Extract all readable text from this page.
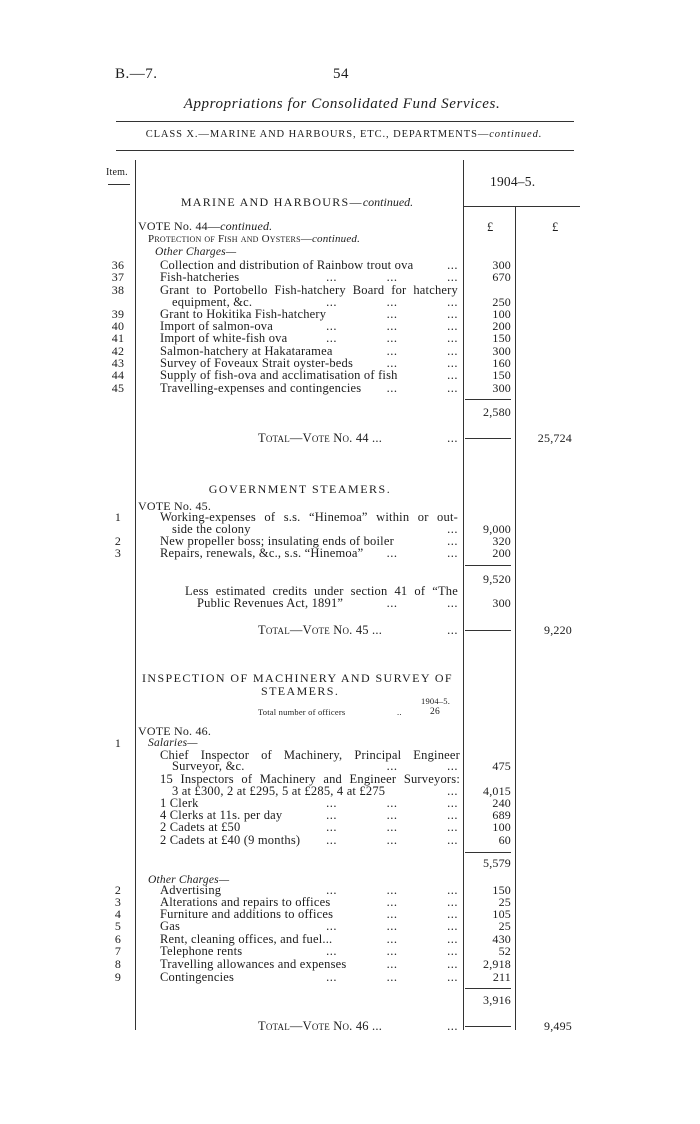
B.—7.	54
Appropriations for Consolidated Fund Services.
CLASS X.—MARINE AND HARBOURS, ETC., DEPARTMENTS—continued.
Item.
1904–5.
£	£
MARINE AND HARBOURS—continued.
VOTE No. 44—continued.
Protection of Fish and Oysters—continued.
Other Charges—
36	Collection and distribution of Rainbow trout ova	...	300
37	Fish-hatcheries	... ... ...	670
38	Grant to Portobello Fish-hatchery Board for hatchery
equipment, &c.	... ... ...	250
39	Grant to Hokitika Fish-hatchery	... ...	100
40	Import of salmon-ova	... ... ...	200
41	Import of white-fish ova	... ... ...	150
42	Salmon-hatchery at Hakataramea	... ...	300
43	Survey of Foveaux Strait oyster-beds	... ...	160
44	Supply of fish-ova and acclimatisation of fish	...	150
45	Travelling-expenses and contingencies ... ...	300
2,580
Total—Vote No. 44 ...	...	25,724
GOVERNMENT STEAMERS.
VOTE No. 45.
1	Working-expenses of s.s. “Hinemoa” within or out-
side the colony	... 9,000
2	New propeller boss; insulating ends of boiler	...	320
3	Repairs, renewals, &c., s.s. “Hinemoa” ... ...	200
9,520
Less estimated credits under section 41 of “The
Public Revenues Act, 1891”	... ...	300
Total—Vote No. 45 ...	...	9,220
INSPECTION OF MACHINERY AND SURVEY OF
STEAMERS.
1904–5.
Total number of officers	..	26
VOTE No. 46.
1	Salaries—
Chief Inspector of Machinery, Principal Engineer
Surveyor, &c.	... ...	475
15 Inspectors of Machinery and Engineer Surveyors:
3 at £300, 2 at £295, 5 at £285, 4 at £275	... 4,015
1 Clerk	... ... ...	240
4 Clerks at 11s. per day	... ... ...	689
2 Cadets at £50	... ... ...	100
2 Cadets at £40 (9 months) ... ... ...	60
5,579
Other Charges—
2	Advertising	... ... ...	150
3	Alterations and repairs to offices	... ...	25
4	Furniture and additions to offices	... ...	105
5	Gas	... ... ...	25
6	Rent, cleaning offices, and fuel...	... ...	430
7	Telephone rents	... ... ...	52
8	Travelling allowances and expenses	... ... 2,918
9	Contingencies	... ... ...	211
3,916
Total—Vote No. 46 ...	...	9,495
